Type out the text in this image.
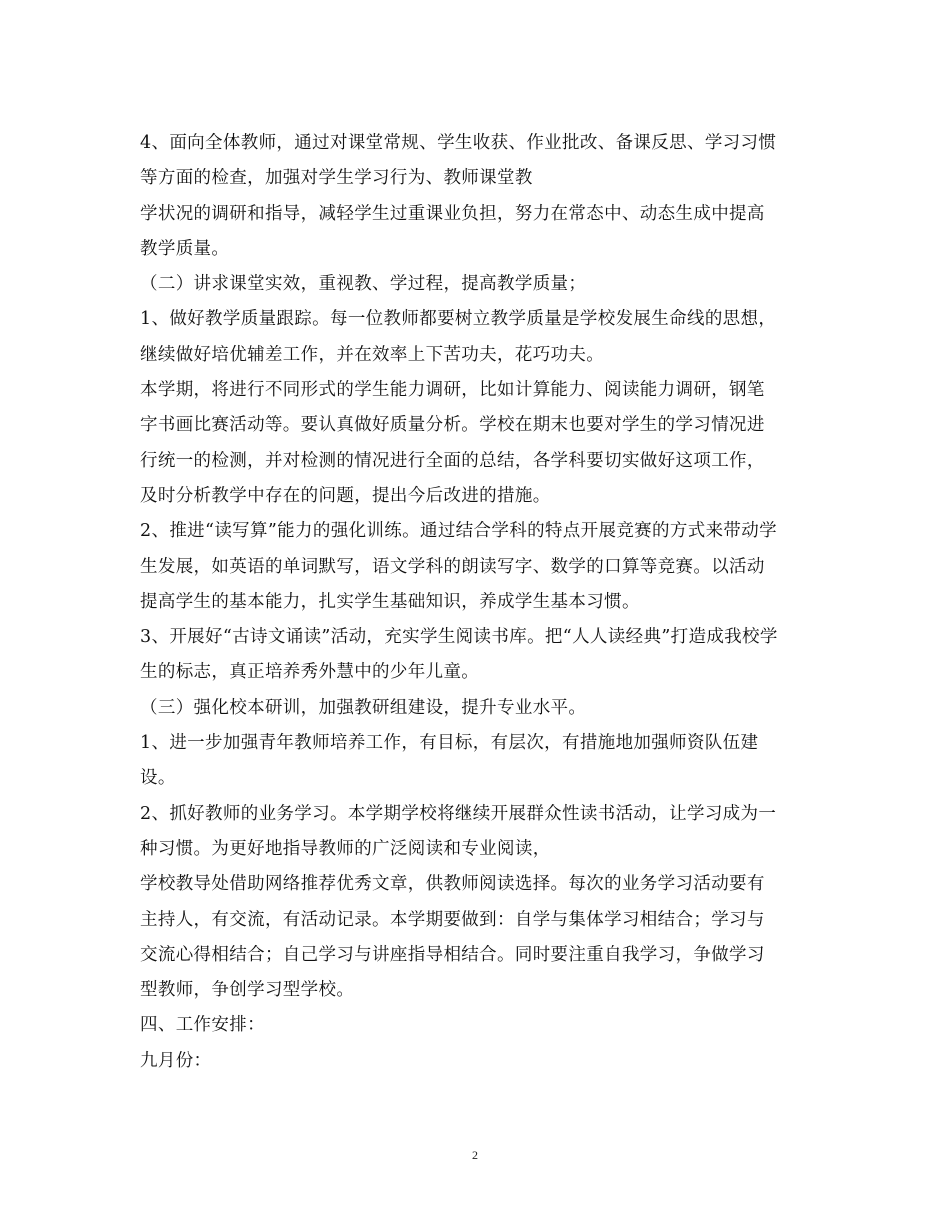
4、面向全体教师，通过对课堂常规、学生收获、作业批改、备课反思、学习习惯
等方面的检查，加强对学生学习行为、教师课堂教
学状况的调研和指导，减轻学生过重课业负担，努力在常态中、动态生成中提高
教学质量。
（二）讲求课堂实效，重视教、学过程，提高教学质量；
1、做好教学质量跟踪。每一位教师都要树立教学质量是学校发展生命线的思想，
继续做好培优辅差工作，并在效率上下苦功夫，花巧功夫。
本学期，将进行不同形式的学生能力调研，比如计算能力、阅读能力调研，钢笔
字书画比赛活动等。要认真做好质量分析。学校在期末也要对学生的学习情况进
行统一的检测，并对检测的情况进行全面的总结，各学科要切实做好这项工作，
及时分析教学中存在的问题，提出今后改进的措施。
2、推进“读写算”能力的强化训练。通过结合学科的特点开展竞赛的方式来带动学
生发展，如英语的单词默写，语文学科的朗读写字、数学的口算等竞赛。以活动
提高学生的基本能力，扎实学生基础知识，养成学生基本习惯。
3、开展好“古诗文诵读”活动，充实学生阅读书库。把“人人读经典”打造成我校学
生的标志，真正培养秀外慧中的少年儿童。
（三）强化校本研训，加强教研组建设，提升专业水平。
1、进一步加强青年教师培养工作，有目标，有层次，有措施地加强师资队伍建
设。
2、抓好教师的业务学习。本学期学校将继续开展群众性读书活动，让学习成为一
种习惯。为更好地指导教师的广泛阅读和专业阅读，
学校教导处借助网络推荐优秀文章，供教师阅读选择。每次的业务学习活动要有
主持人，有交流，有活动记录。本学期要做到：自学与集体学习相结合；学习与
交流心得相结合；自己学习与讲座指导相结合。同时要注重自我学习，争做学习
型教师，争创学习型学校。
四、工作安排：
九月份：
2
